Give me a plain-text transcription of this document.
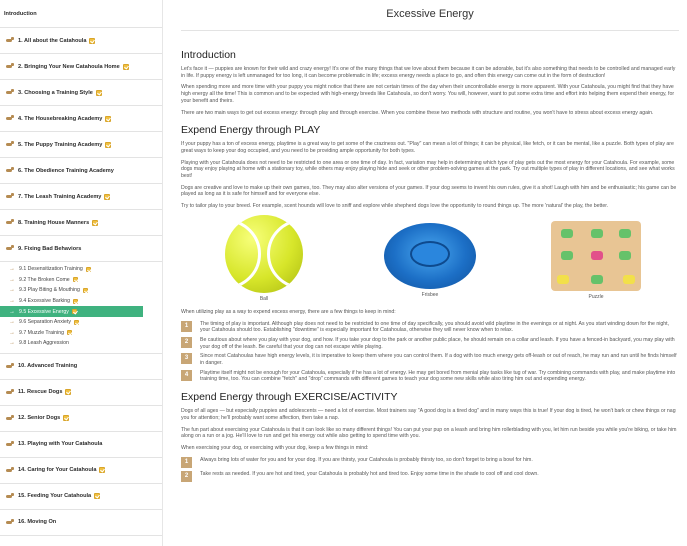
Introduction
1. All about the Catahoula
2. Bringing Your New Catahoula Home
3. Choosing a Training Style
4. The Housebreaking Academy
5. The Puppy Training Academy
6. The Obedience Training Academy
7. The Leash Training Academy
8. Training House Manners
9. Fixing Bad Behaviors
→ 9.1 Desensitization Training
→ 9.2 The Broken Come
→ 9.3 Play Biting & Mouthing
→ 9.4 Excessive Barking
→ 9.5 Excessive Energy
→ 9.6 Separation Anxiety
→ 9.7 Muzzle Training
→ 9.8 Leash Aggression
10. Advanced Training
11. Rescue Dogs
12. Senior Dogs
13. Playing with Your Catahoula
14. Caring for Your Catahoula
15. Feeding Your Catahoula
16. Moving On
Excessive Energy
Introduction

Let's face it — puppies are known for their wild and crazy energy! It's one of the many things that we love about them because it can be adorable, but it's also something that needs to be controlled and managed early in life. If puppy energy is left unmanaged for too long, it can become problematic in life; excess energy needs a place to go, and often this energy can come out in the form of destruction!

When spending more and more time with your puppy you might notice that there are not certain times of the day when their uncontrollable energy is more apparent. With your Catahoula, you might find that they have high energy all the time! This is common and to be expected with high-energy breeds like Catahoula, so don't worry. You will, however, want to put some extra time and effort into helping them expend their energy, for your benefit and theirs.

There are two main ways to get out excess energy: through play and through exercise. When you combine these two methods with structure and routine, you won't have to stress about excess energy again.

Expend Energy through PLAY

If your puppy has a ton of excess energy, playtime is a great way to get some of the craziness out. "Play" can mean a lot of things; it can be physical, like fetch, or it can be mental, like a puzzle. Both types of play are great ways to keep your dog occupied, and you need to be providing ample opportunity for both types.

Playing with your Catahoula does not need to be restricted to one area or one time of day. In fact, variation may help in determining which type of play gets out the most energy for your Catahoula. For example, some dogs may enjoy playing at home with a stationary toy, while others may enjoy playing hide and seek or other problem-solving games at the park. Try out multiple types of play in different locations, and see what works best!

Dogs are creative and love to make up their own games, too. They may also alter versions of your games. If your dog seems to invent his own rules, give it a shot! Laugh with him and be enthusiastic; his game can be played as long as it is safe for himself and for everyone else.

Try to tailor play to your breed. For example, scent hounds will love to sniff and explore while shepherd dogs love the opportunity to round things up. The more 'natural' the play, the better.

Ball
Frisbee	Puzzle

When utilizing play as a way to expend excess energy, there are a few things to keep in mind:

1	The timing of play is important. Although play does not need to be restricted to one time of day specifically, you should avoid wild playtime in the evenings or at night. As you start winding down for the night, your Catahoula should too. Establishing "downtime" is especially important for Catahoulas, otherwise they will never know when to relax.

2	Be cautious about where you play with your dog, and how. If you take your dog to the park or another public place, he should remain on a collar and leash. If you have a fenced-in backyard, you may play with your dog off of the leash. Be careful that your dog can not escape while playing.

3	Since most Catahoulas have high energy levels, it is imperative to keep them where you can control them. If a dog with too much energy gets off-leash or out of reach, he may run and run until he finds himself in danger.

4	Playtime itself might not be enough for your Catahoula, especially if he has a lot of energy. He may get bored from menial play tasks like tug of war. Try combining commands with play, and make playtime into training time, too. You can combine "fetch" and "drop" commands with different games to teach your dog some new skills while also tiring him out and expending energy.

Expend Energy through EXERCISE/ACTIVITY

Dogs of all ages — but especially puppies and adolescents — need a lot of exercise. Most trainers say "A good dog is a tired dog" and in many ways this is true! If your dog is tired, he won't bark or chew things or nag you for attention; he'll probably want some affection, then take a nap.

The fun part about exercising your Catahoula is that it can look like so many different things! You can put your pup on a leash and bring him rollerblading with you, let him run beside you while you're biking, or take him along on a run or a jog. He'll love to run and get his energy out while also getting to spend time with you.

When exercising your dog, or exercising with your dog, keep a few things in mind:

1	Always bring lots of water for you and for your dog. If you are thirsty, your Catahoula is probably thirsty too, so don't forget to bring a bowl for him.

2	Take rests as needed. If you are hot and tired, your Catahoula is probably hot and tired too. Enjoy some time in the shade to cool off and cool down.
